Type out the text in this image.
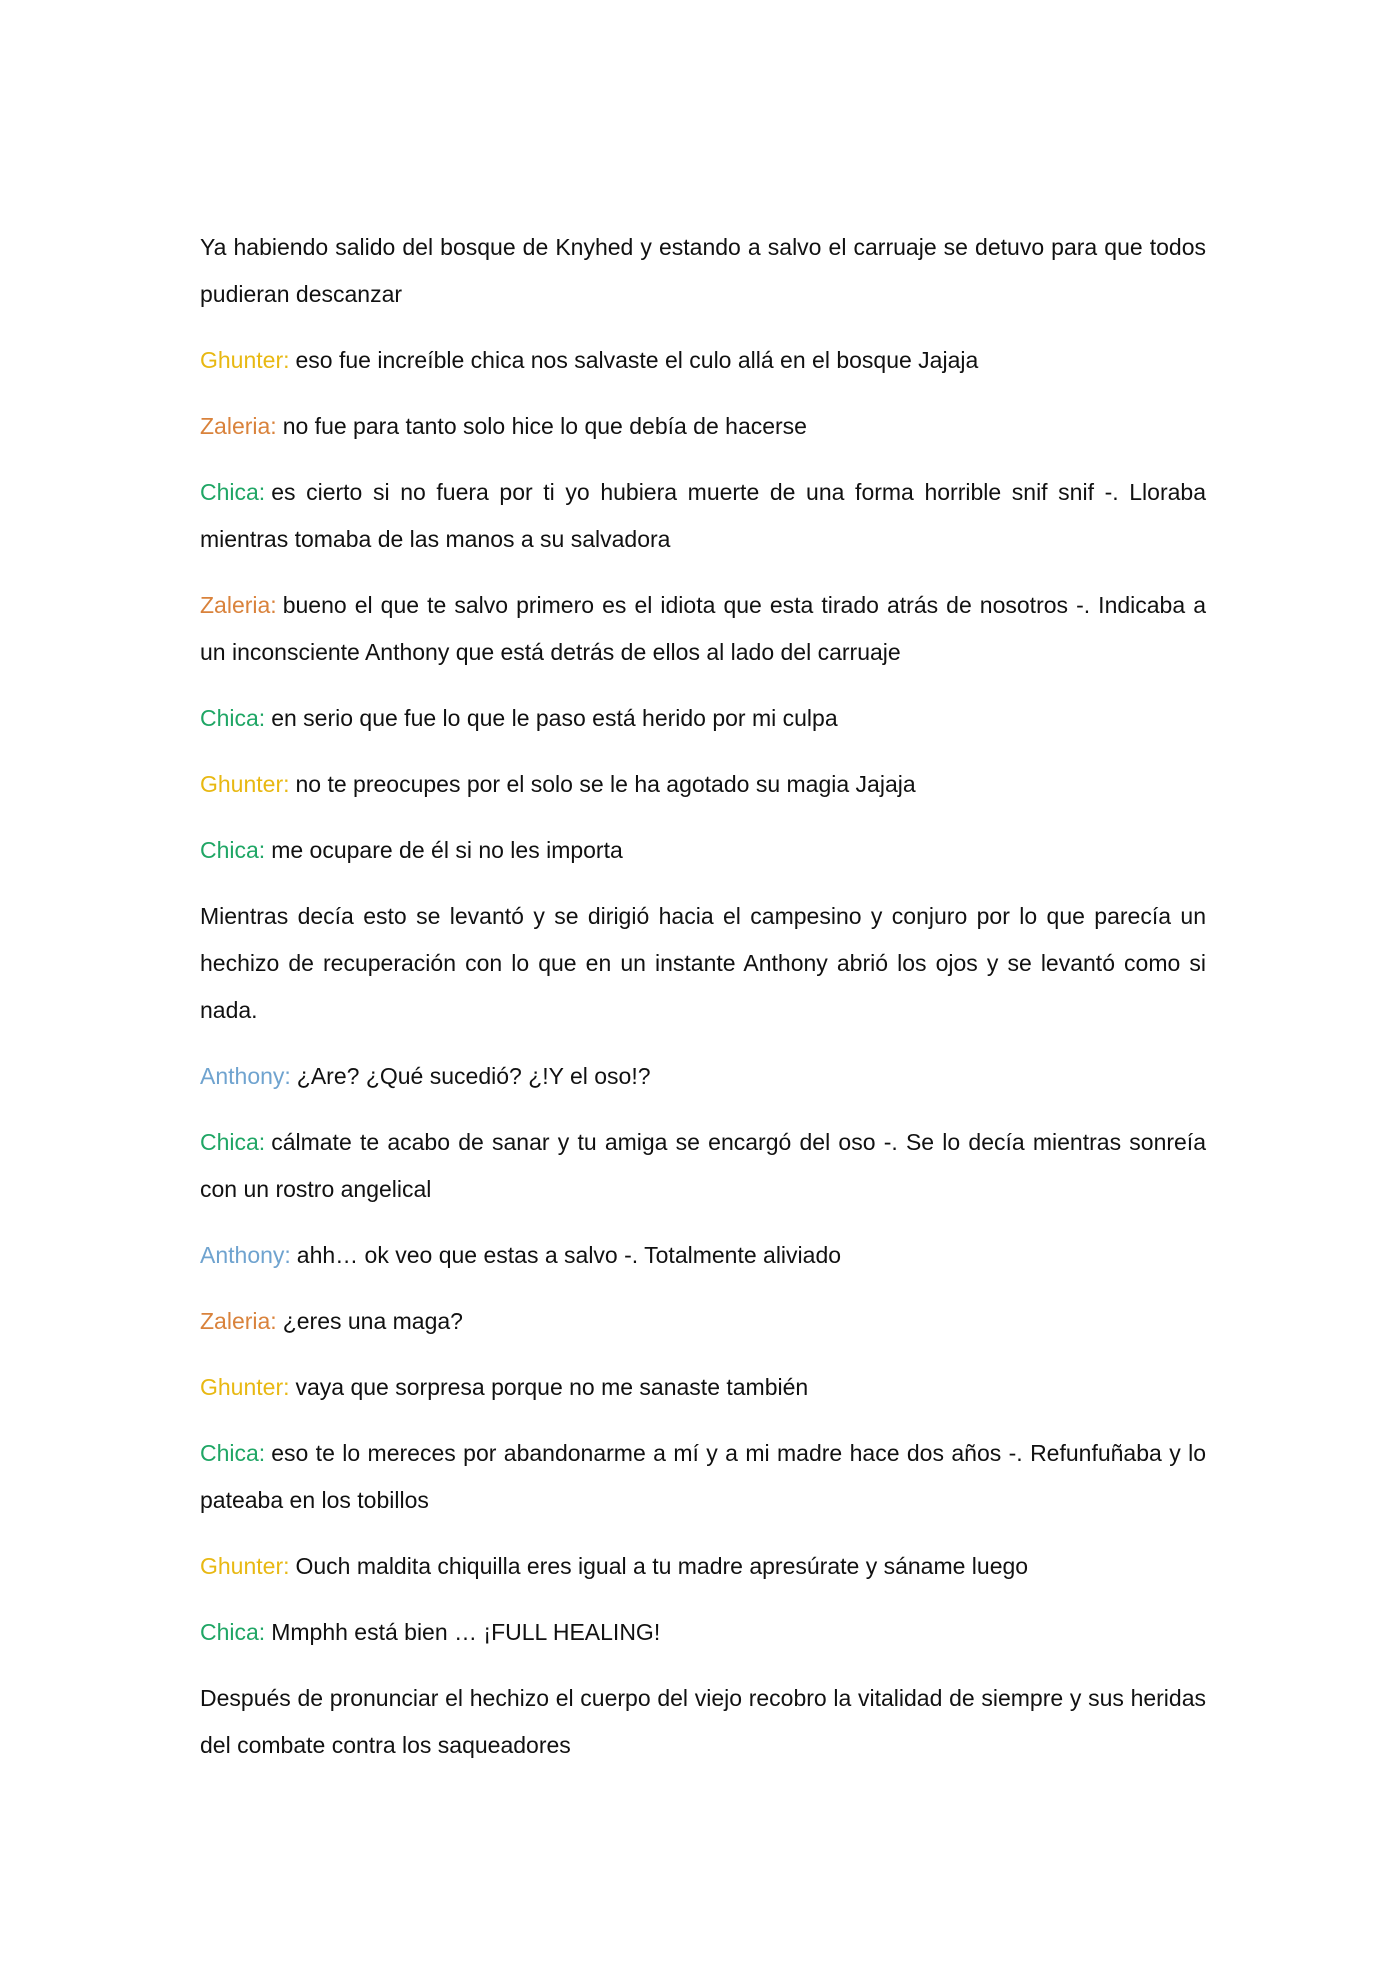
Ya habiendo salido del bosque de Knyhed y estando a salvo el carruaje se detuvo para que todos pudieran descanzar

Ghunter: eso fue increíble chica nos salvaste el culo allá en el bosque Jajaja

Zaleria: no fue para tanto solo hice lo que debía de hacerse

Chica: es cierto si no fuera por ti yo hubiera muerte de una forma horrible snif snif -. Lloraba mientras tomaba de las manos a su salvadora

Zaleria: bueno el que te salvo primero es el idiota que esta tirado atrás de nosotros -. Indicaba a un inconsciente Anthony que está detrás de ellos al lado del carruaje

Chica: en serio que fue lo que le paso está herido por mi culpa

Ghunter: no te preocupes por el solo se le ha agotado su magia Jajaja

Chica: me ocupare de él si no les importa

Mientras decía esto se levantó y se dirigió hacia el campesino y conjuro por lo que parecía un hechizo de recuperación con lo que en un instante Anthony abrió los ojos y se levantó como si nada.

Anthony: ¿Are? ¿Qué sucedió? ¿!Y el oso!?

Chica: cálmate te acabo de sanar y tu amiga se encargó del oso -. Se lo decía mientras sonreía con un rostro angelical

Anthony: ahh… ok veo que estas a salvo -. Totalmente aliviado

Zaleria: ¿eres una maga?

Ghunter: vaya que sorpresa porque no me sanaste también

Chica: eso te lo mereces por abandonarme a mí y a mi madre hace dos años -. Refunfuñaba y lo pateaba en los tobillos

Ghunter: Ouch maldita chiquilla eres igual a tu madre apresúrate y sáname luego

Chica: Mmphh está bien … ¡FULL HEALING!

Después de pronunciar el hechizo el cuerpo del viejo recobro la vitalidad de siempre y sus heridas del combate contra los saqueadores
